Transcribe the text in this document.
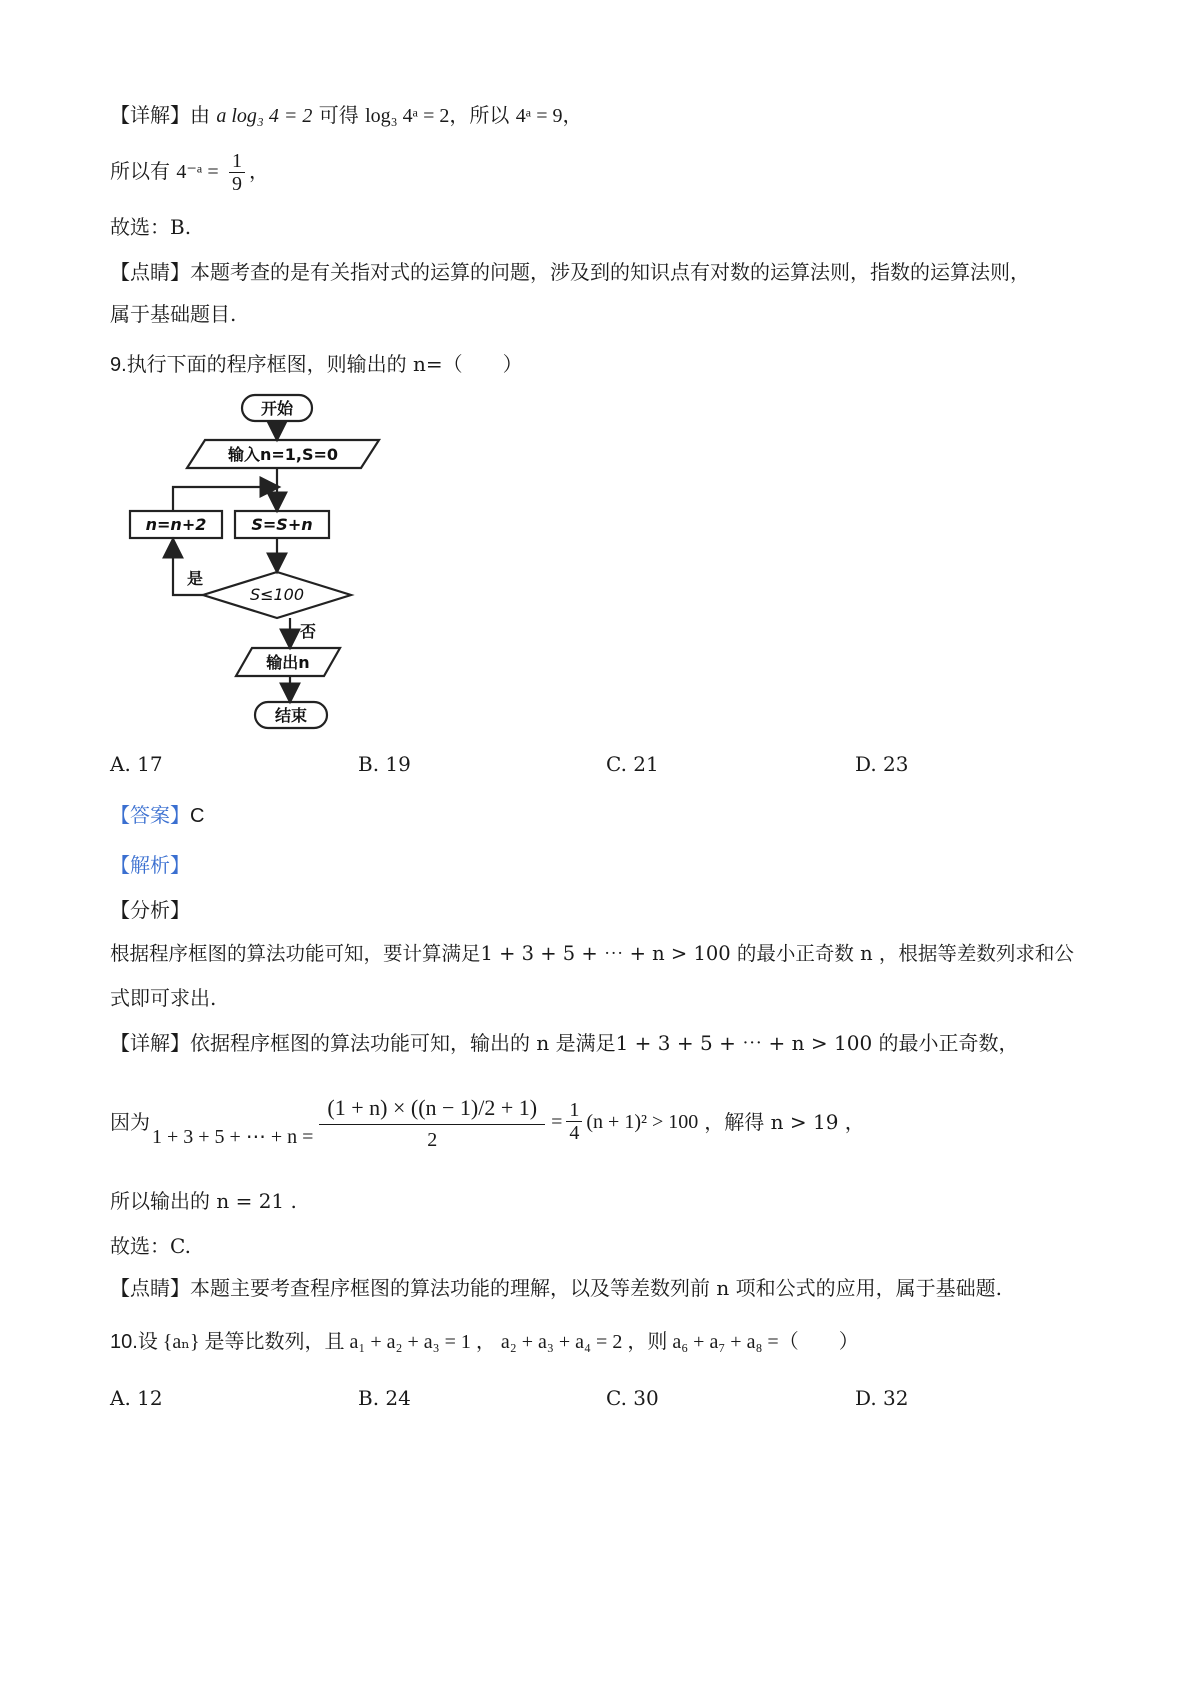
【详解】由 a log₃ 4 = 2 可得 log₃ 4ᵃ = 2，所以 4ᵃ = 9，
所以有 4⁻ᵃ = $\frac{1}{9}$ ，
故选：B.
【点睛】本题考查的是有关指对式的运算的问题，涉及到的知识点有对数的运算法则，指数的运算法则，
属于基础题目.
9.执行下面的程序框图，则输出的 n=（　　）
开始
输入n=1,S=0
S=S+n
n=n+2
S≤100
是
否
输出n
结束
A. 17	B. 19	C. 21	D. 23
【答案】C
【解析】
【分析】
根据程序框图的算法功能可知，要计算满足1 + 3 + 5 + ⋯ + n > 100 的最小正奇数 n ，根据等差数列求和公
式即可求出.
【详解】依据程序框图的算法功能可知，输出的 n 是满足1 + 3 + 5 + ⋯ + n > 100 的最小正奇数，
因为
1 + 3 + 5 + ⋯ + $n = \frac{(1 + n) \times ((n - 1)/2 + 1)}{2} = \frac{1}{4} (n + 1)^2 > 100$ ，解得 n > 19 ，
所以输出的 n = 21 .
故选：C.
【点睛】本题主要考查程序框图的算法功能的理解，以及等差数列前 n 项和公式的应用，属于基础题.
10.设 {aₙ} 是等比数列，且 a₁ + a₂ + a₃ = 1 ， a₂ + a₃ + a₄ = 2 ，则 a₆ + a₇ + a₈ =（　　）
A. 12	B. 24	C. 30	D. 32
